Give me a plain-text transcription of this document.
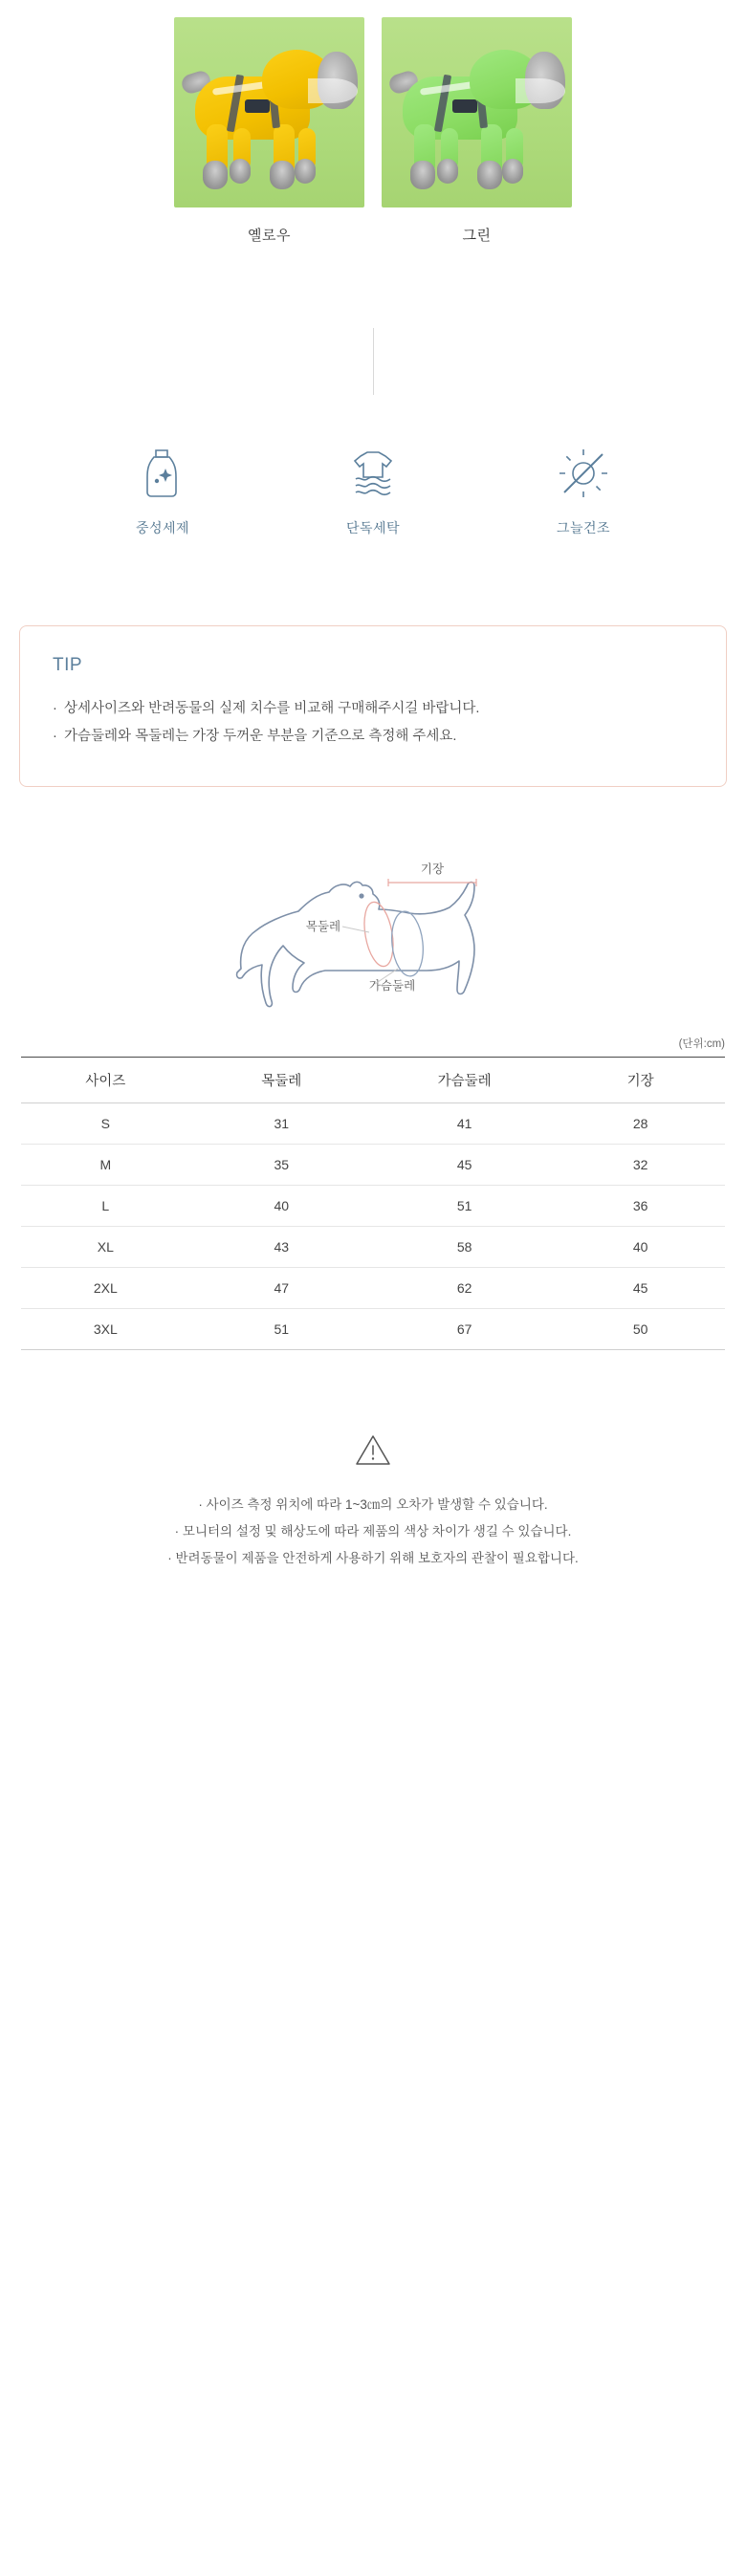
옐로우	그린
중성세제	단독세탁	그늘건조
TIP
· 상세사이즈와 반려동물의 실제 치수를 비교해 구매해주시길 바랍니다.
· 가슴둘레와 목둘레는 가장 두꺼운 부분을 기준으로 측정해 주세요.
기장
목둘레
가슴둘레
(단위:cm)
사이즈	목둘레	가슴둘레	기장
S	31	41	28
M	35	45	32
L	40	51	36
XL	43	58	40
2XL	47	62	45
3XL	51	67	50
· 사이즈 측정 위치에 따라 1~3㎝의 오차가 발생할 수 있습니다.
· 모니터의 설정 및 해상도에 따라 제품의 색상 차이가 생길 수 있습니다.
· 반려동물이 제품을 안전하게 사용하기 위해 보호자의 관찰이 필요합니다.
